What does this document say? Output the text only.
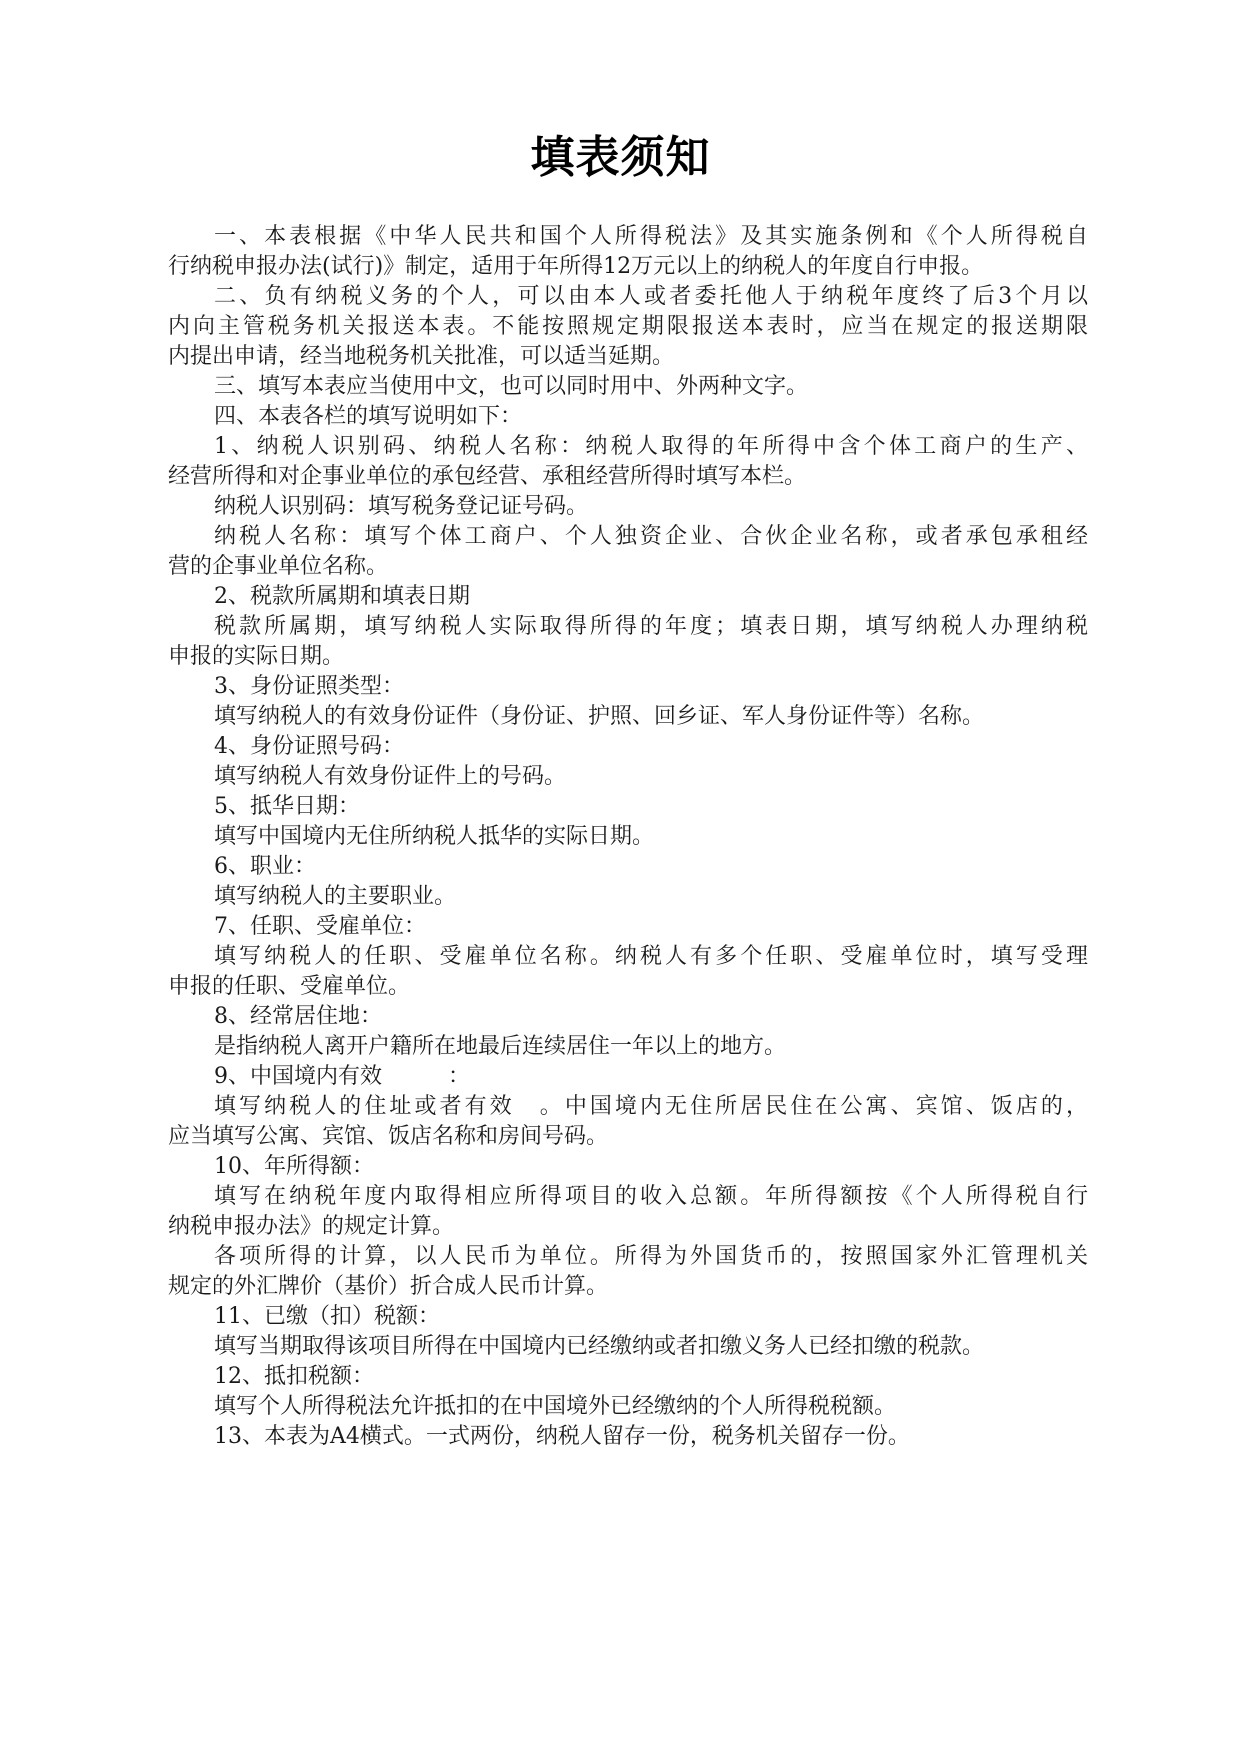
填表须知
一、本表根据《中华人民共和国个人所得税法》及其实施条例和《个人所得税自
行纳税申报办法(试行)》制定，适用于年所得12万元以上的纳税人的年度自行申报。
二、负有纳税义务的个人，可以由本人或者委托他人于纳税年度终了后3个月以
内向主管税务机关报送本表。不能按照规定期限报送本表时，应当在规定的报送期限
内提出申请，经当地税务机关批准，可以适当延期。
三、填写本表应当使用中文，也可以同时用中、外两种文字。
四、本表各栏的填写说明如下：
1、纳税人识别码、纳税人名称：纳税人取得的年所得中含个体工商户的生产、
经营所得和对企事业单位的承包经营、承租经营所得时填写本栏。
纳税人识别码：填写税务登记证号码。
纳税人名称：填写个体工商户、个人独资企业、合伙企业名称，或者承包承租经
营的企事业单位名称。
2、税款所属期和填表日期
税款所属期，填写纳税人实际取得所得的年度；填表日期，填写纳税人办理纳税
申报的实际日期。
3、身份证照类型：
填写纳税人的有效身份证件（身份证、护照、回乡证、军人身份证件等）名称。
4、身份证照号码：
填写纳税人有效身份证件上的号码。
5、抵华日期：
填写中国境内无住所纳税人抵华的实际日期。
6、职业：
填写纳税人的主要职业。
7、任职、受雇单位：
填写纳税人的任职、受雇单位名称。纳税人有多个任职、受雇单位时，填写受理
申报的任职、受雇单位。
8、经常居住地：
是指纳税人离开户籍所在地最后连续居住一年以上的地方。
9、中国境内有效　　　：
填写纳税人的住址或者有效　。中国境内无住所居民住在公寓、宾馆、饭店的，
应当填写公寓、宾馆、饭店名称和房间号码。
10、年所得额：
填写在纳税年度内取得相应所得项目的收入总额。年所得额按《个人所得税自行
纳税申报办法》的规定计算。
各项所得的计算，以人民币为单位。所得为外国货币的，按照国家外汇管理机关
规定的外汇牌价（基价）折合成人民币计算。
11、已缴（扣）税额：
填写当期取得该项目所得在中国境内已经缴纳或者扣缴义务人已经扣缴的税款。
12、抵扣税额：
填写个人所得税法允许抵扣的在中国境外已经缴纳的个人所得税税额。
13、本表为A4横式。一式两份，纳税人留存一份，税务机关留存一份。
